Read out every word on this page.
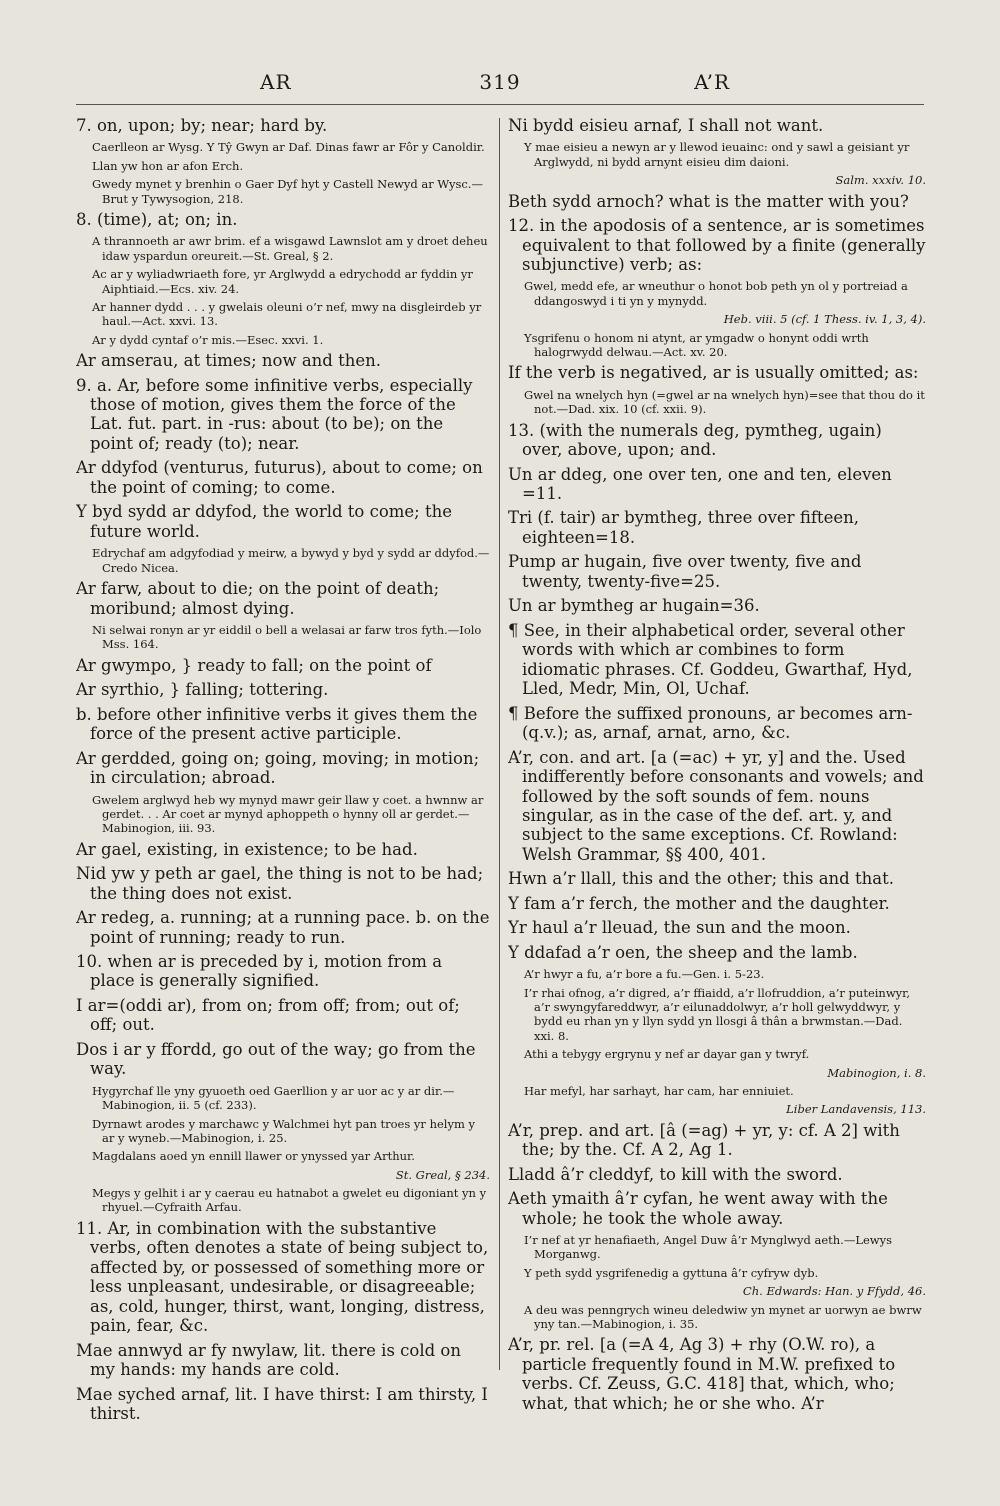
AR	319	A’R

7. on, upon; by; near; hard by.

Caerlleon ar Wysg. Y Tŷ Gwyn ar Daf. Dinas fawr ar Fôr y Canoldir.

Llan yw hon ar afon Erch.

Gwedy mynet y brenhin o Gaer Dyf hyt y Castell Newyd ar Wysc.—Brut y Tywysogion, 218.

8. (time), at; on; in.

A thrannoeth ar awr brim. ef a wisgawd Lawnslot am y droet deheu idaw yspardun oreureit.—St. Greal, § 2.

Ac ar y wyliadwriaeth fore, yr Arglwydd a edrychodd ar fyddin yr Aiphtiaid.—Ecs. xiv. 24.

Ar hanner dydd . . . y gwelais oleuni o’r nef, mwy na disgleirdeb yr haul.—Act. xxvi. 13.

Ar y dydd cyntaf o’r mis.—Esec. xxvi. 1.

Ar amserau, at times; now and then.

9. a. Ar, before some infinitive verbs, especially those of motion, gives them the force of the Lat. fut. part. in -rus: about (to be); on the point of; ready (to); near.

Ar ddyfod (venturus, futurus), about to come; on the point of coming; to come.

Y byd sydd ar ddyfod, the world to come; the future world.

Edrychaf am adgyfodiad y meirw, a bywyd y byd y sydd ar ddyfod.—Credo Nicea.

Ar farw, about to die; on the point of death; moribund; almost dying.

Ni selwai ronyn ar yr eiddil o bell a welasai ar farw tros fyth.—Iolo Mss. 164.

Ar gwympo, } ready to fall; on the point of

Ar syrthio, } falling; tottering.

b. before other infinitive verbs it gives them the force of the present active participle.

Ar gerdded, going on; going, moving; in motion; in circulation; abroad.

Gwelem arglwyd heb wy mynyd mawr geir llaw y coet. a hwnnw ar gerdet. . . Ar coet ar mynyd aphoppeth o hynny oll ar gerdet.—Mabinogion, iii. 93.

Ar gael, existing, in existence; to be had.

Nid yw y peth ar gael, the thing is not to be had; the thing does not exist.

Ar redeg, a. running; at a running pace. b. on the point of running; ready to run.

10. when ar is preceded by i, motion from a place is generally signified.

I ar=(oddi ar), from on; from off; from; out of; off; out.

Dos i ar y ffordd, go out of the way; go from the way.

Hygyrchaf lle yny gyuoeth oed Gaerllion y ar uor ac y ar dir.—Mabinogion, ii. 5 (cf. 233).

Dyrnawt arodes y marchawc y Walchmei hyt pan troes yr helym y ar y wyneb.—Mabinogion, i. 25.

Magdalans aoed yn ennill llawer or ynyssed yar Arthur.

St. Greal, § 234.

Megys y gelhit i ar y caerau eu hatnabot a gwelet eu digoniant yn y rhyuel.—Cyfraith Arfau.

11. Ar, in combination with the substantive verbs, often denotes a state of being subject to, affected by, or possessed of something more or less unpleasant, undesirable, or disagreeable; as, cold, hunger, thirst, want, longing, distress, pain, fear, &c.

Mae annwyd ar fy nwylaw, lit. there is cold on my hands: my hands are cold.

Mae syched arnaf, lit. I have thirst: I am thirsty, I thirst.

Ni bydd eisieu arnaf, I shall not want.

Y mae eisieu a newyn ar y llewod ieuainc: ond y sawl a geisiant yr Arglwydd, ni bydd arnynt eisieu dim daioni.

Salm. xxxiv. 10.

Beth sydd arnoch? what is the matter with you?

12. in the apodosis of a sentence, ar is sometimes equivalent to that followed by a finite (generally subjunctive) verb; as:

Gwel, medd efe, ar wneuthur o honot bob peth yn ol y portreiad a ddangoswyd i ti yn y mynydd.

Heb. viii. 5 (cf. 1 Thess. iv. 1, 3, 4).

Ysgrifenu o honom ni atynt, ar ymgadw o honynt oddi wrth halogrwydd delwau.—Act. xv. 20.

If the verb is negatived, ar is usually omitted; as:

Gwel na wnelych hyn (=gwel ar na wnelych hyn)=see that thou do it not.—Dad. xix. 10 (cf. xxii. 9).

13. (with the numerals deg, pymtheg, ugain) over, above, upon; and.

Un ar ddeg, one over ten, one and ten, eleven =11.

Tri (f. tair) ar bymtheg, three over fifteen, eighteen=18.

Pump ar hugain, five over twenty, five and twenty, twenty-five=25.

Un ar bymtheg ar hugain=36.

¶ See, in their alphabetical order, several other words with which ar combines to form idiomatic phrases. Cf. Goddeu, Gwarthaf, Hyd, Lled, Medr, Min, Ol, Uchaf.

¶ Before the suffixed pronouns, ar becomes arn- (q.v.); as, arnaf, arnat, arno, &c.

A’r, con. and art. [a (=ac) + yr, y] and the. Used indifferently before consonants and vowels; and followed by the soft sounds of fem. nouns singular, as in the case of the def. art. y, and subject to the same exceptions. Cf. Rowland: Welsh Grammar, §§ 400, 401.

Hwn a’r llall, this and the other; this and that.

Y fam a’r ferch, the mother and the daughter.

Yr haul a’r lleuad, the sun and the moon.

Y ddafad a’r oen, the sheep and the lamb.

A’r hwyr a fu, a’r bore a fu.—Gen. i. 5-23.

I’r rhai ofnog, a’r digred, a’r ffiaidd, a’r llofruddion, a’r puteinwyr, a’r swyngyfareddwyr, a’r eilunaddolwyr, a’r holl gelwyddwyr, y bydd eu rhan yn y llyn sydd yn llosgi â thân a brwmstan.—Dad. xxi. 8.

Athi a tebygy ergrynu y nef ar dayar gan y twryf.

Mabinogion, i. 8.

Har mefyl, har sarhayt, har cam, har enniuiet.

Liber Landavensis, 113.

A’r, prep. and art. [â (=ag) + yr, y: cf. A 2] with the; by the. Cf. A 2, Ag 1.

Lladd â’r cleddyf, to kill with the sword.

Aeth ymaith â’r cyfan, he went away with the whole; he took the whole away.

I’r nef at yr henafiaeth, Angel Duw â’r Mynglwyd aeth.—Lewys Morganwg.

Y peth sydd ysgrifenedig a gyttuna â’r cyfryw dyb.

Ch. Edwards: Han. y Ffydd, 46.

A deu was penngrych wineu deledwiw yn mynet ar uorwyn ae bwrw yny tan.—Mabinogion, i. 35.

A’r, pr. rel. [a (=A 4, Ag 3) + rhy (O.W. ro), a particle frequently found in M.W. prefixed to verbs. Cf. Zeuss, G.C. 418] that, which, who; what, that which; he or she who. A’r
